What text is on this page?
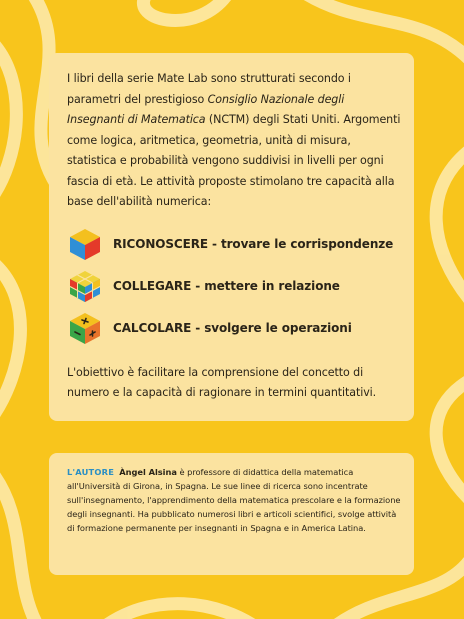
I libri della serie Mate Lab sono strutturati secondo i parametri del prestigioso Consiglio Nazionale degli Insegnanti di Matematica (NCTM) degli Stati Uniti. Argomenti come logica, aritmetica, geometria, unità di misura, statistica e probabilità vengono suddivisi in livelli per ogni fascia di età. Le attività proposte stimolano tre capacità alla base dell'abilità numerica:

RICONOSCERE - trovare le corrispondenze
COLLEGARE - mettere in relazione
CALCOLARE - svolgere le operazioni

L'obiettivo è facilitare la comprensione del concetto di numero e la capacità di ragionare in termini quantitativi.

L'AUTORE Àngel Alsina è professore di didattica della matematica all'Università di Girona, in Spagna. Le sue linee di ricerca sono incentrate sull'insegnamento, l'apprendimento della matematica prescolare e la formazione degli insegnanti. Ha pubblicato numerosi libri e articoli scientifici, svolge attività di formazione permanente per insegnanti in Spagna e in America Latina.
